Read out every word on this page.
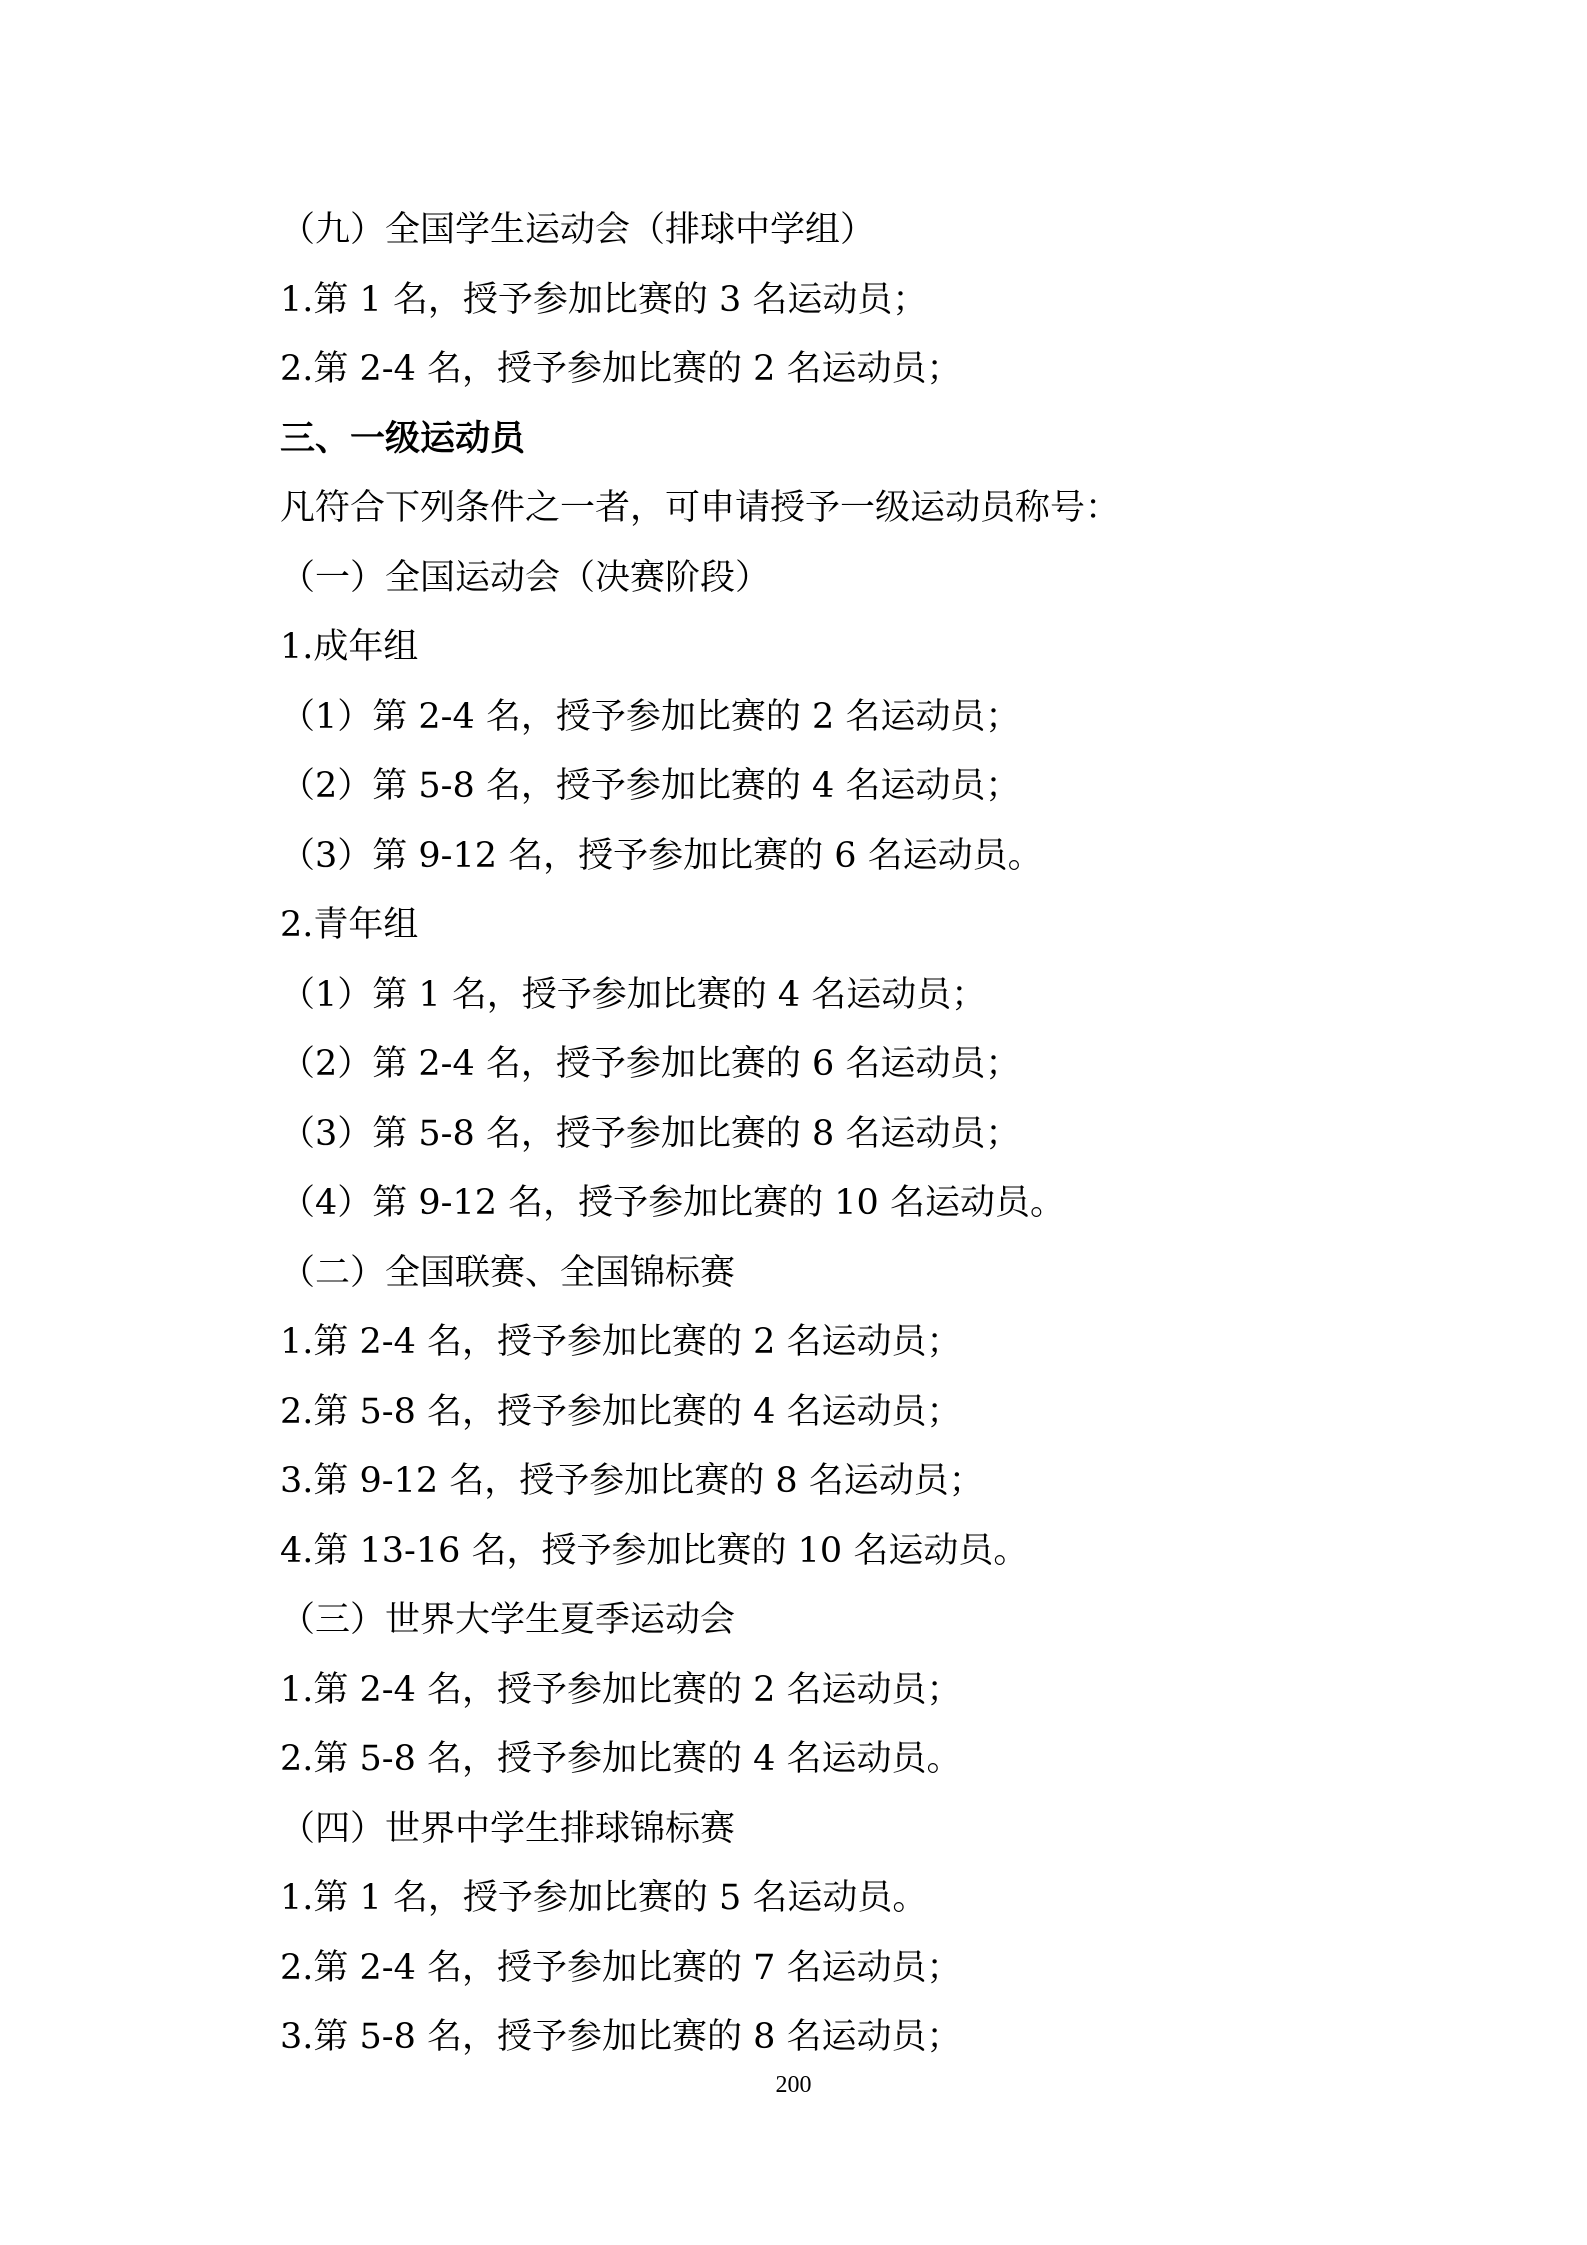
（九）全国学生运动会（排球中学组）
1.第 1 名，授予参加比赛的 3 名运动员；
2.第 2-4 名，授予参加比赛的 2 名运动员；
三、一级运动员
凡符合下列条件之一者，可申请授予一级运动员称号：
（一）全国运动会（决赛阶段）
1.成年组
（1）第 2-4 名，授予参加比赛的 2 名运动员；
（2）第 5-8 名，授予参加比赛的 4 名运动员；
（3）第 9-12 名，授予参加比赛的 6 名运动员。
2.青年组
（1）第 1 名，授予参加比赛的 4 名运动员；
（2）第 2-4 名，授予参加比赛的 6 名运动员；
（3）第 5-8 名，授予参加比赛的 8 名运动员；
（4）第 9-12 名，授予参加比赛的 10 名运动员。
（二）全国联赛、全国锦标赛
1.第 2-4 名，授予参加比赛的 2 名运动员；
2.第 5-8 名，授予参加比赛的 4 名运动员；
3.第 9-12 名，授予参加比赛的 8 名运动员；
4.第 13-16 名，授予参加比赛的 10 名运动员。
（三）世界大学生夏季运动会
1.第 2-4 名，授予参加比赛的 2 名运动员；
2.第 5-8 名，授予参加比赛的 4 名运动员。
（四）世界中学生排球锦标赛
1.第 1 名，授予参加比赛的 5 名运动员。
2.第 2-4 名，授予参加比赛的 7 名运动员；
3.第 5-8 名，授予参加比赛的 8 名运动员；
200
